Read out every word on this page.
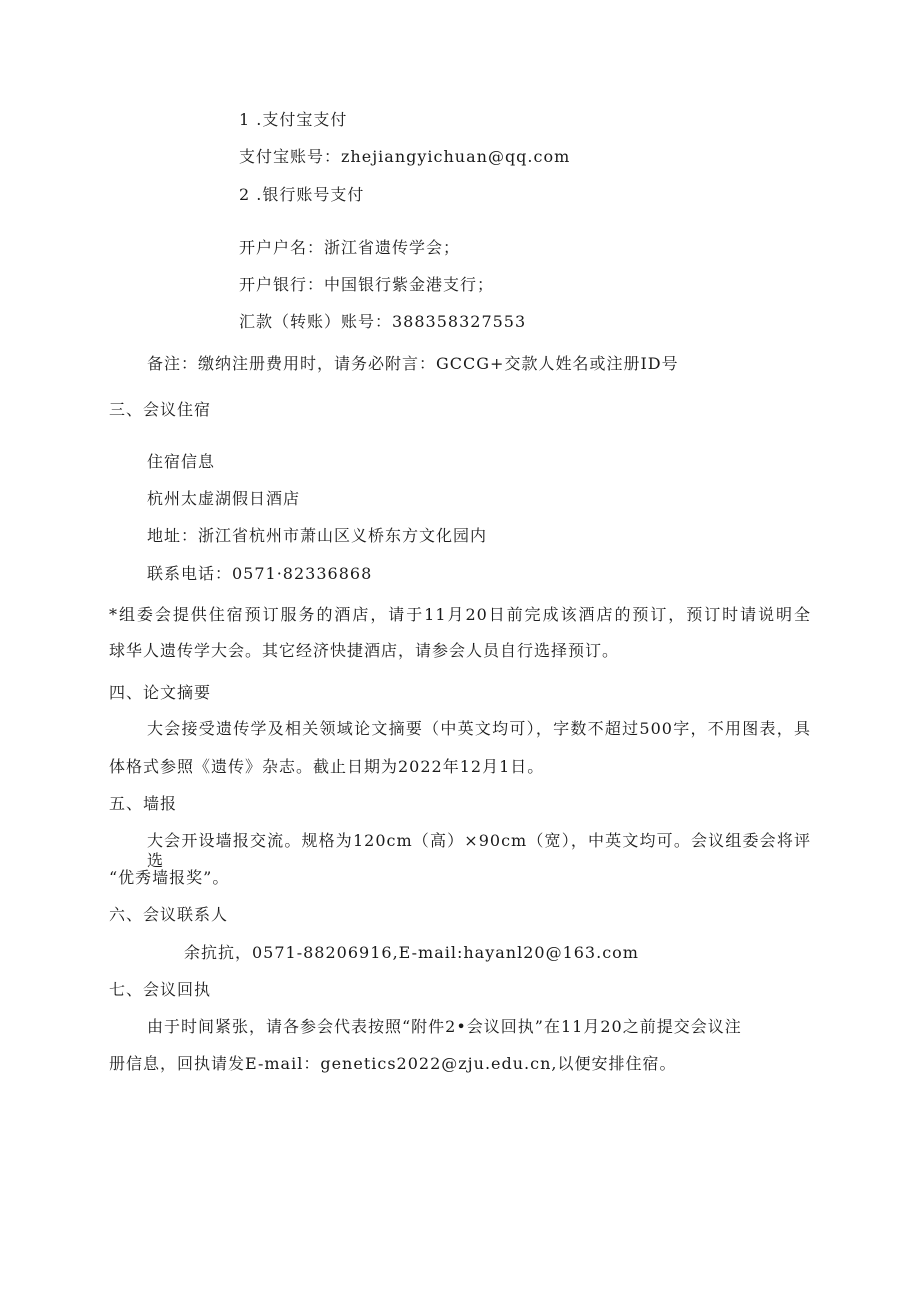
1 .支付宝支付
支付宝账号：zhejiangyichuan@qq.com
2 .银行账号支付
开户户名：浙江省遗传学会；
开户银行：中国银行紫金港支行；
汇款（转账）账号：388358327553
备注：缴纳注册费用时，请务必附言：GCCG+交款人姓名或注册ID号
三、会议住宿
住宿信息
杭州太虚湖假日酒店
地址：浙江省杭州市萧山区义桥东方文化园内
联系电话：0571·82336868
*组委会提供住宿预订服务的酒店，请于11月20日前完成该酒店的预订，预订时请说明全
球华人遗传学大会。其它经济快捷酒店，请参会人员自行选择预订。
四、论文摘要
大会接受遗传学及相关领域论文摘要（中英文均可），字数不超过500字，不用图表，具
体格式参照《遗传》杂志。截止日期为2022年12月1日。
五、墙报
大会开设墙报交流。规格为120cm（高）×90cm（宽），中英文均可。会议组委会将评选
“优秀墙报奖”。
六、会议联系人
余抗抗，0571-88206916,E-mail:hayanl20@163.com
七、会议回执
由于时间紧张，请各参会代表按照“附件2•会议回执”在11月20之前提交会议注
册信息，回执请发E-mail：genetics2022@zju.edu.cn,以便安排住宿。
